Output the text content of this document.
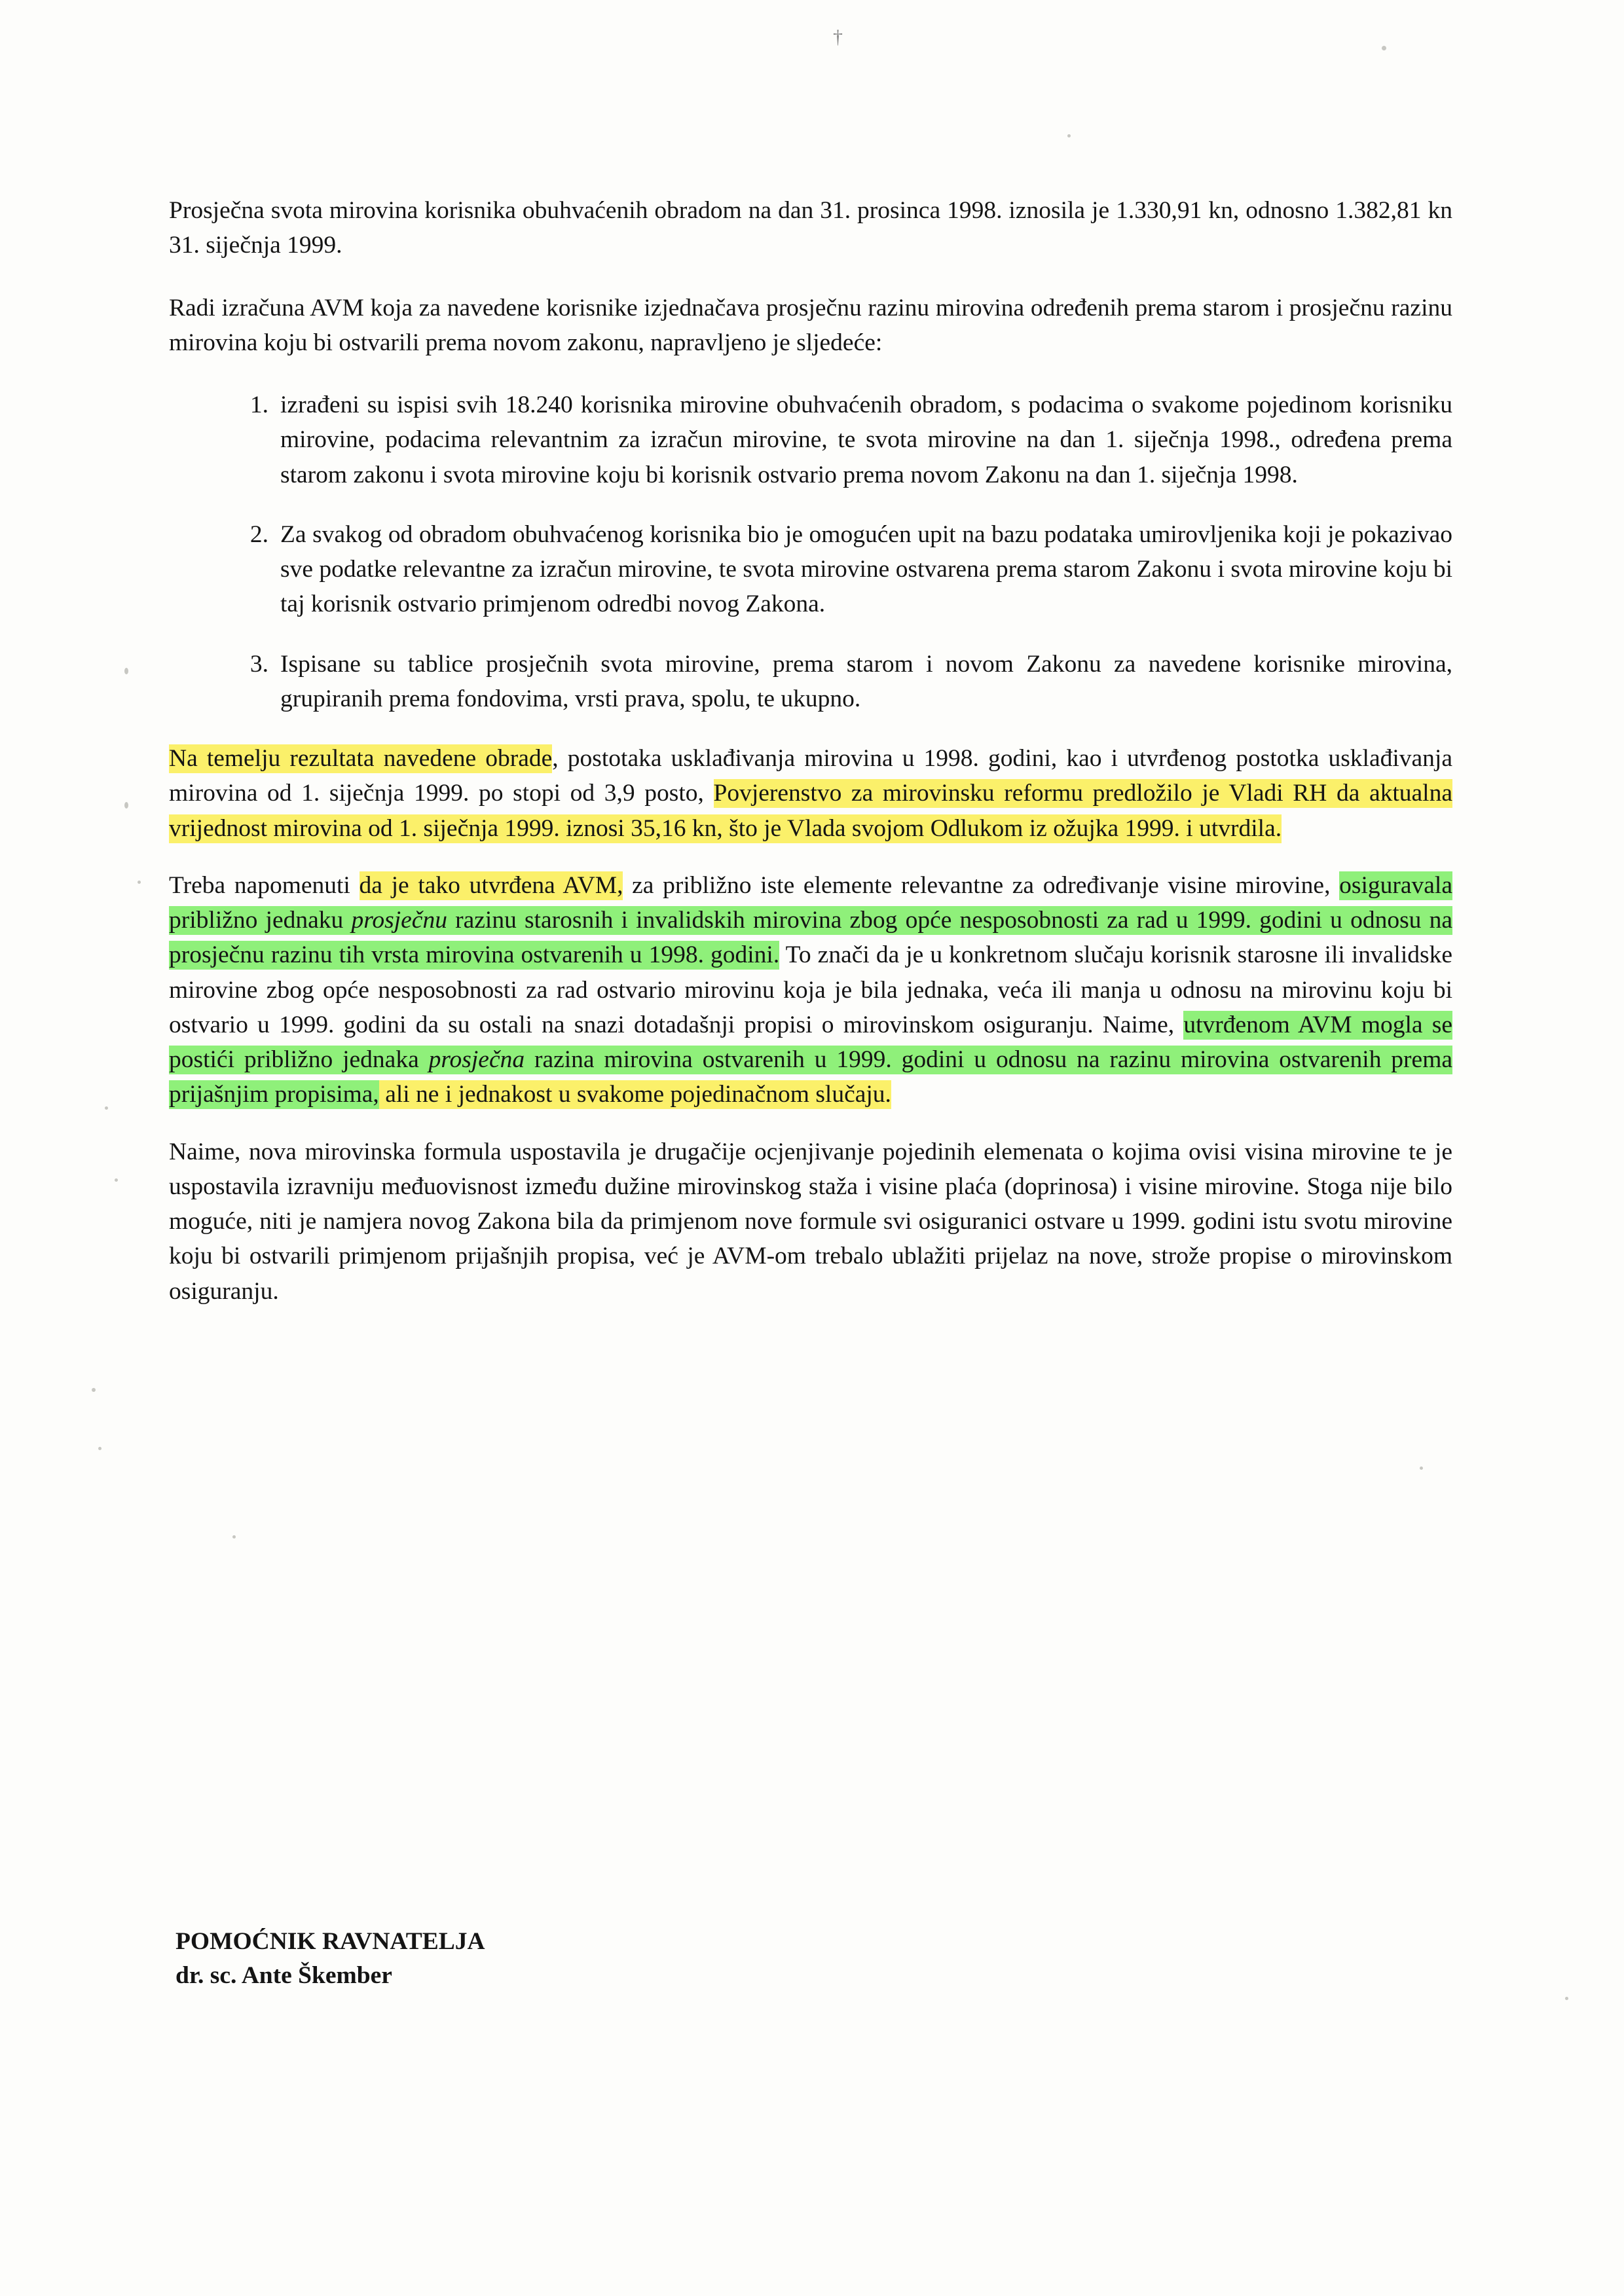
†

Prosječna svota mirovina korisnika obuhvaćenih obradom na dan 31. prosinca 1998. iznosila je 1.330,91 kn, odnosno 1.382,81 kn 31. siječnja 1999.

Radi izračuna AVM koja za navedene korisnike izjednačava prosječnu razinu mirovina određenih prema starom i prosječnu razinu mirovina koju bi ostvarili prema novom zakonu, napravljeno je sljedeće:

1. izrađeni su ispisi svih 18.240 korisnika mirovine obuhvaćenih obradom, s podacima o svakome pojedinom korisniku mirovine, podacima relevantnim za izračun mirovine, te svota mirovine na dan 1. siječnja 1998., određena prema starom zakonu i svota mirovine koju bi korisnik ostvario prema novom Zakonu na dan 1. siječnja 1998.
2. Za svakog od obradom obuhvaćenog korisnika bio je omogućen upit na bazu podataka umirovljenika koji je pokazivao sve podatke relevantne za izračun mirovine, te svota mirovine ostvarena prema starom Zakonu i svota mirovine koju bi taj korisnik ostvario primjenom odredbi novog Zakona.
3. Ispisane su tablice prosječnih svota mirovine, prema starom i novom Zakonu za navedene korisnike mirovina, grupiranih prema fondovima, vrsti prava, spolu, te ukupno.

Na temelju rezultata navedene obrade, postotaka usklađivanja mirovina u 1998. godini, kao i utvrđenog postotka usklađivanja mirovina od 1. siječnja 1999. po stopi od 3,9 posto, Povjerenstvo za mirovinsku reformu predložilo je Vladi RH da aktualna vrijednost mirovina od 1. siječnja 1999. iznosi 35,16 kn, što je Vlada svojom Odlukom iz ožujka 1999. i utvrdila.

Treba napomenuti da je tako utvrđena AVM, za približno iste elemente relevantne za određivanje visine mirovine, osiguravala približno jednaku prosječnu razinu starosnih i invalidskih mirovina zbog opće nesposobnosti za rad u 1999. godini u odnosu na prosječnu razinu tih vrsta mirovina ostvarenih u 1998. godini. To znači da je u konkretnom slučaju korisnik starosne ili invalidske mirovine zbog opće nesposobnosti za rad ostvario mirovinu koja je bila jednaka, veća ili manja u odnosu na mirovinu koju bi ostvario u 1999. godini da su ostali na snazi dotadašnji propisi o mirovinskom osiguranju. Naime, utvrđenom AVM mogla se postići približno jednaka prosječna razina mirovina ostvarenih u 1999. godini u odnosu na razinu mirovina ostvarenih prema prijašnjim propisima, ali ne i jednakost u svakome pojedinačnom slučaju.

Naime, nova mirovinska formula uspostavila je drugačije ocjenjivanje pojedinih elemenata o kojima ovisi visina mirovine te je uspostavila izravniju međuovisnost između dužine mirovinskog staža i visine plaća (doprinosa) i visine mirovine. Stoga nije bilo moguće, niti je namjera novog Zakona bila da primjenom nove formule svi osiguranici ostvare u 1999. godini istu svotu mirovine koju bi ostvarili primjenom prijašnjih propisa, već je AVM-om trebalo ublažiti prijelaz na nove, strože propise o mirovinskom osiguranju.

POMOĆNIK RAVNATELJA
dr. sc. Ante Škember
